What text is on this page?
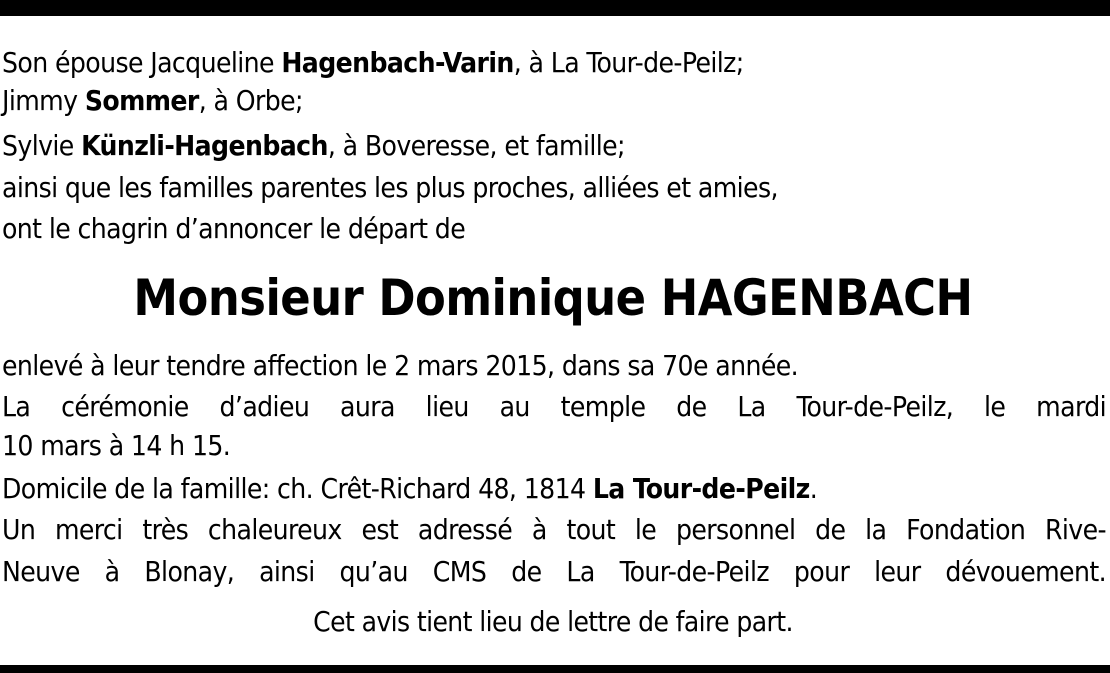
Son épouse Jacqueline Hagenbach-Varin, à La Tour-de-Peilz;
Jimmy Sommer, à Orbe;
Sylvie Künzli-Hagenbach, à Boveresse, et famille;
ainsi que les familles parentes les plus proches, alliées et amies,
ont le chagrin d’annoncer le départ de
Monsieur Dominique HAGENBACH
enlevé à leur tendre affection le 2 mars 2015, dans sa 70e année.
La cérémonie d’adieu aura lieu au temple de La Tour-de-Peilz, le mardi
10 mars à 14 h 15.
Domicile de la famille: ch. Crêt-Richard 48, 1814 La Tour-de-Peilz.
Un merci très chaleureux est adressé à tout le personnel de la Fondation Rive-
Neuve à Blonay, ainsi qu’au CMS de La Tour-de-Peilz pour leur dévouement.
Cet avis tient lieu de lettre de faire part.
